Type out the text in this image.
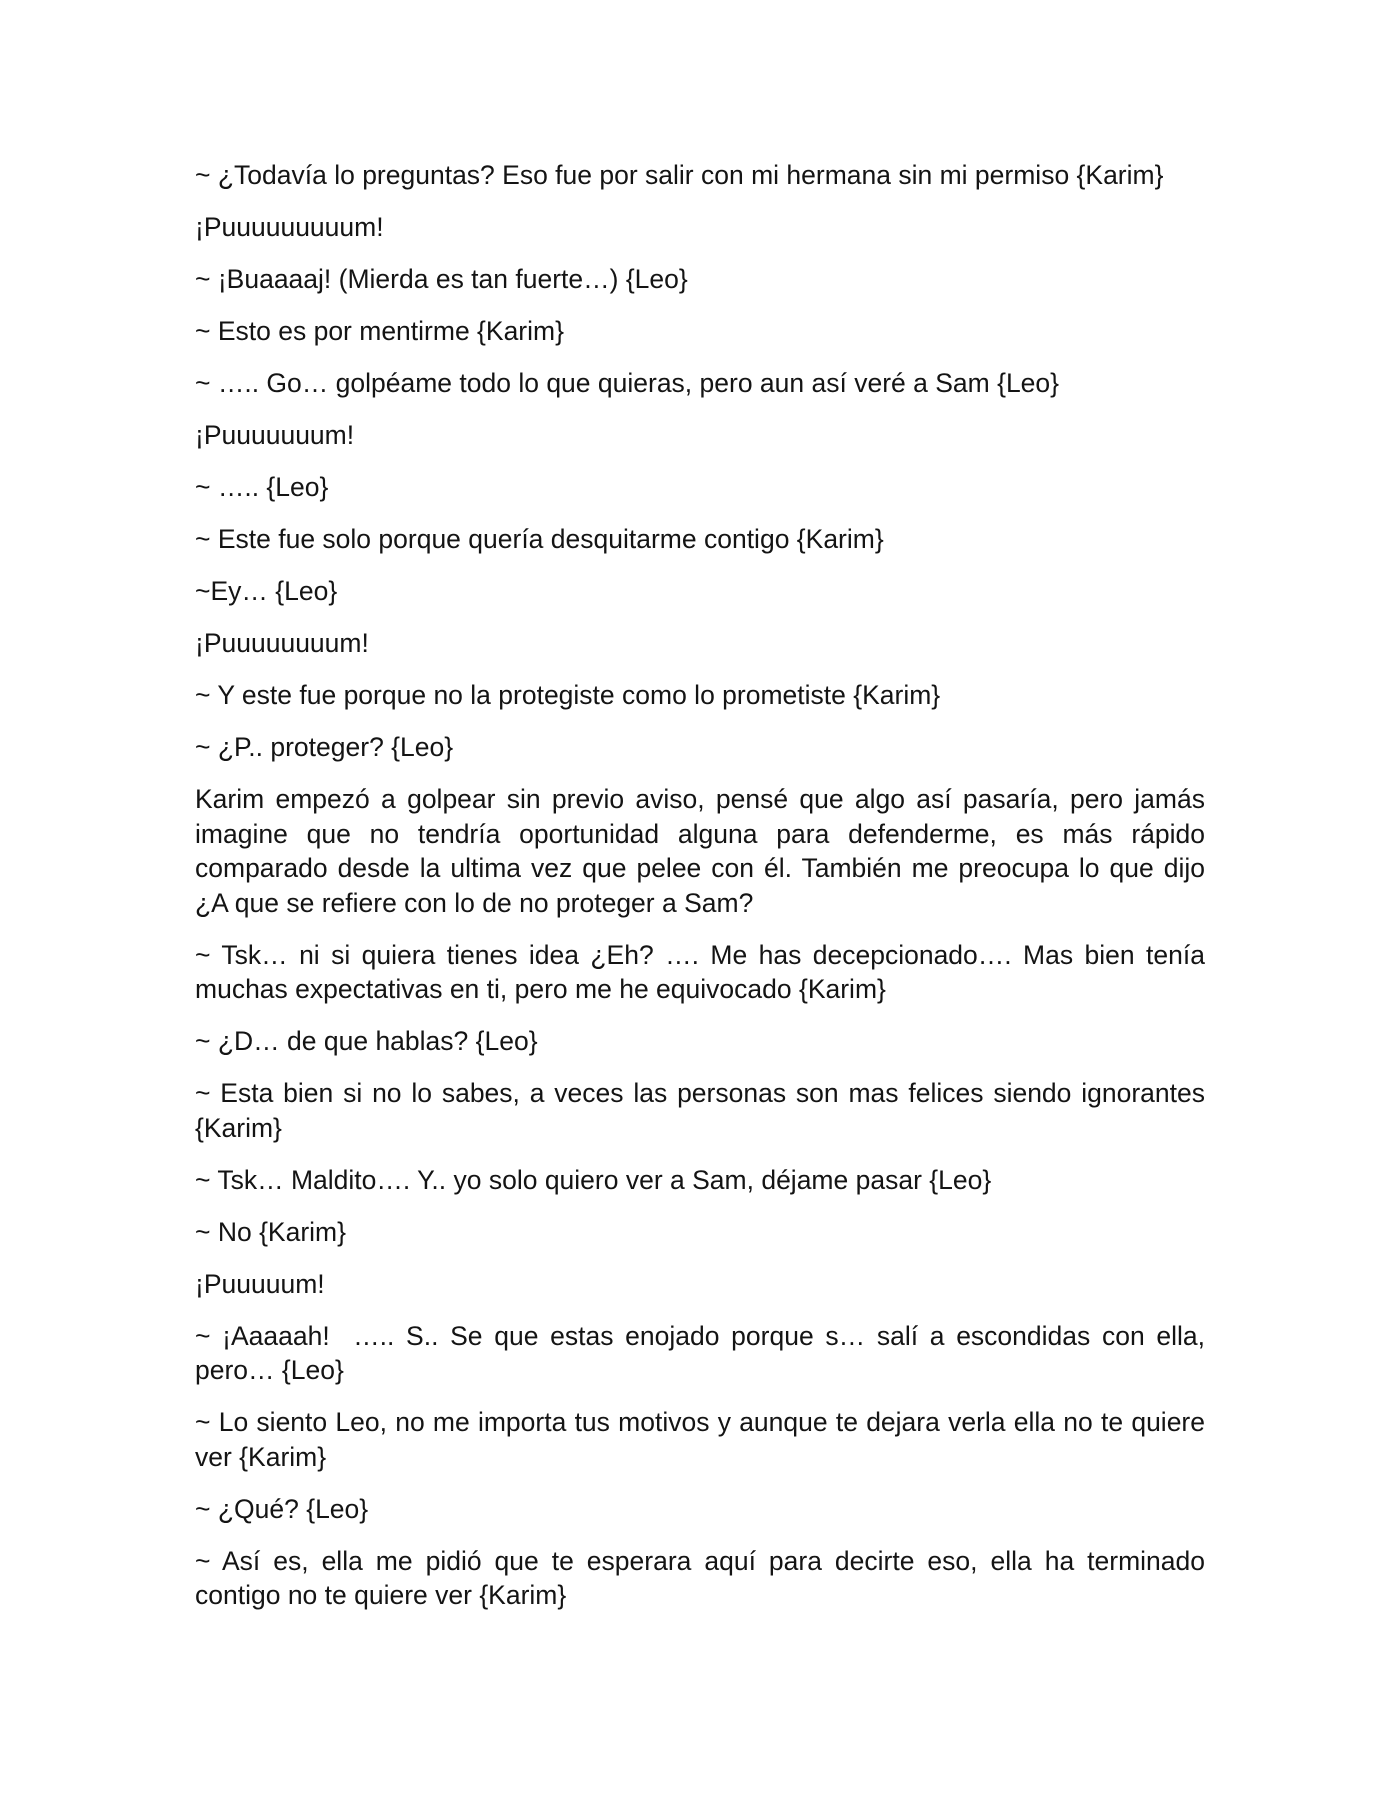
~ ¿Todavía lo preguntas? Eso fue por salir con mi hermana sin mi permiso {Karim}

¡Puuuuuuuuum!

~ ¡Buaaaaj! (Mierda es tan fuerte…) {Leo}

~ Esto es por mentirme {Karim}

~ ….. Go… golpéame todo lo que quieras, pero aun así veré a Sam {Leo}

¡Puuuuuuum!

~ ….. {Leo}

~ Este fue solo porque quería desquitarme contigo {Karim}

~Ey… {Leo}

¡Puuuuuuuum!

~ Y este fue porque no la protegiste como lo prometiste {Karim}

~ ¿P.. proteger? {Leo}

Karim empezó a golpear sin previo aviso, pensé que algo así pasaría, pero jamás imagine que no tendría oportunidad alguna para defenderme, es más rápido comparado desde la ultima vez que pelee con él. También me preocupa lo que dijo ¿A que se refiere con lo de no proteger a Sam?

~ Tsk… ni si quiera tienes idea ¿Eh? …. Me has decepcionado…. Mas bien tenía muchas expectativas en ti, pero me he equivocado {Karim}

~ ¿D… de que hablas? {Leo}

~ Esta bien si no lo sabes, a veces las personas son mas felices siendo ignorantes {Karim}

~ Tsk… Maldito…. Y.. yo solo quiero ver a Sam, déjame pasar {Leo}

~ No {Karim}

¡Puuuuum!

~ ¡Aaaaah!  ….. S.. Se que estas enojado porque s… salí a escondidas con ella, pero… {Leo}

~ Lo siento Leo, no me importa tus motivos y aunque te dejara verla ella no te quiere ver {Karim}

~ ¿Qué? {Leo}

~ Así es, ella me pidió que te esperara aquí para decirte eso, ella ha terminado contigo no te quiere ver {Karim}
